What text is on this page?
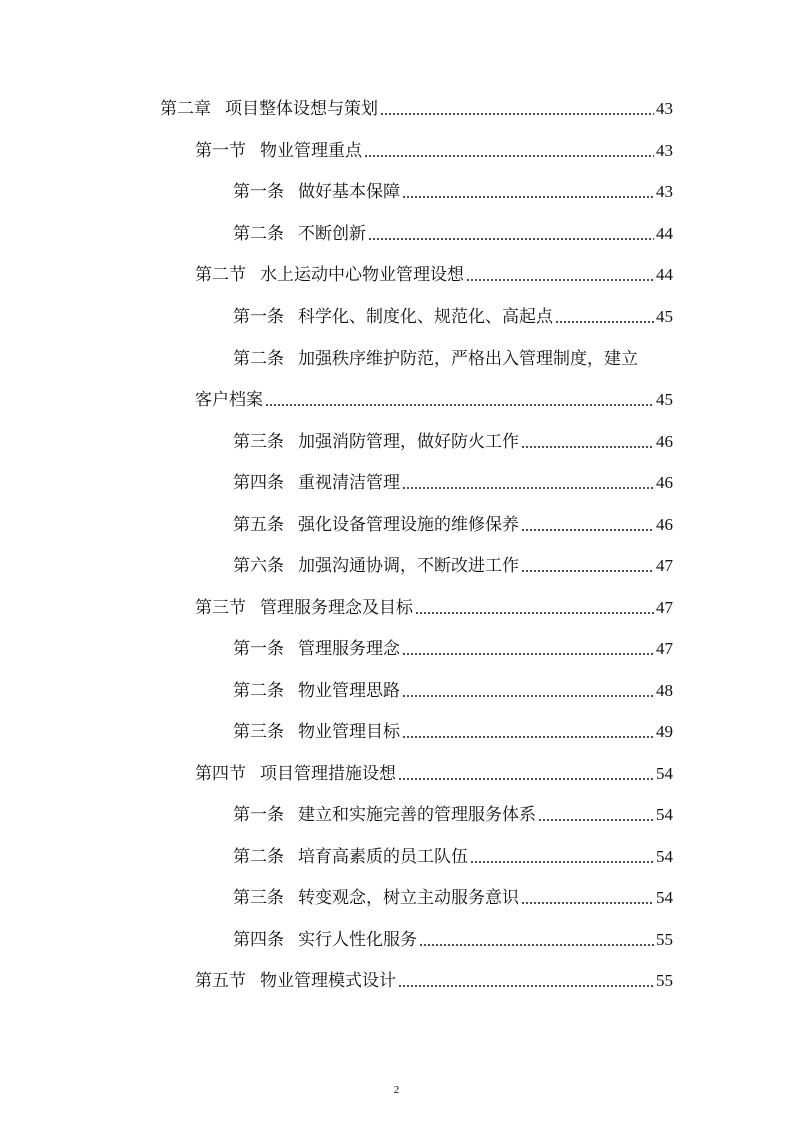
第二章 项目整体设想与策划	43
第一节 物业管理重点	43
第一条 做好基本保障	43
第二条 不断创新	44
第二节 水上运动中心物业管理设想	44
第一条 科学化、制度化、规范化、高起点	45
第二条 加强秩序维护防范，严格出入管理制度，建立
客户档案	45
第三条 加强消防管理，做好防火工作	46
第四条 重视清洁管理	46
第五条 强化设备管理设施的维修保养	46
第六条 加强沟通协调，不断改进工作	47
第三节 管理服务理念及目标	47
第一条 管理服务理念	47
第二条 物业管理思路	48
第三条 物业管理目标	49
第四节 项目管理措施设想	54
第一条 建立和实施完善的管理服务体系	54
第二条 培育高素质的员工队伍	54
第三条 转变观念，树立主动服务意识	54
第四条 实行人性化服务	55
第五节 物业管理模式设计	55
2
